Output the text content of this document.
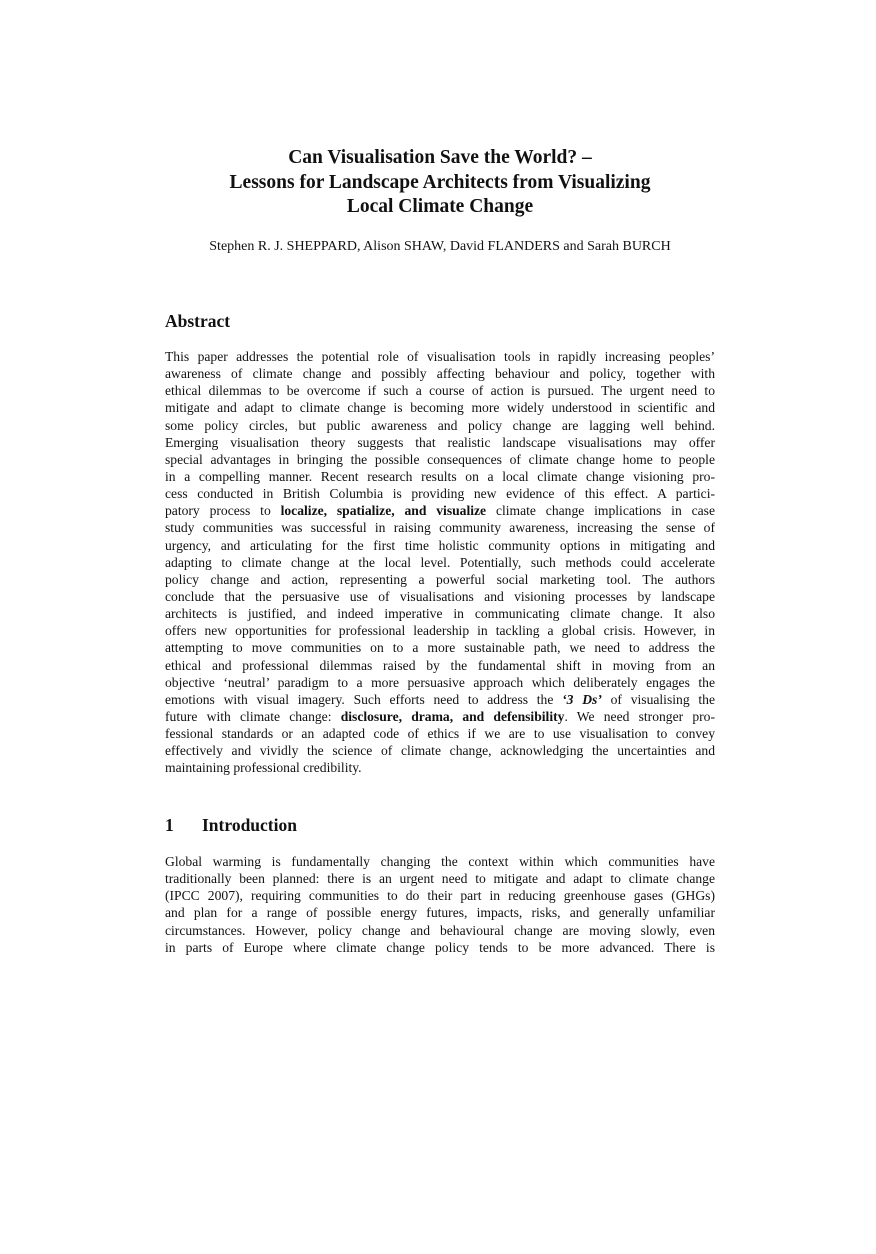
Can Visualisation Save the World? –
Lessons for Landscape Architects from Visualizing
Local Climate Change
Stephen R. J. SHEPPARD, Alison SHAW, David FLANDERS and Sarah BURCH
Abstract
This paper addresses the potential role of visualisation tools in rapidly increasing peoples’
awareness of climate change and possibly affecting behaviour and policy, together with
ethical dilemmas to be overcome if such a course of action is pursued. The urgent need to
mitigate and adapt to climate change is becoming more widely understood in scientific and
some policy circles, but public awareness and policy change are lagging well behind.
Emerging visualisation theory suggests that realistic landscape visualisations may offer
special advantages in bringing the possible consequences of climate change home to people
in a compelling manner. Recent research results on a local climate change visioning pro-
cess conducted in British Columbia is providing new evidence of this effect. A partici-
patory process to localize, spatialize, and visualize climate change implications in case
study communities was successful in raising community awareness, increasing the sense of
urgency, and articulating for the first time holistic community options in mitigating and
adapting to climate change at the local level. Potentially, such methods could accelerate
policy change and action, representing a powerful social marketing tool. The authors
conclude that the persuasive use of visualisations and visioning processes by landscape
architects is justified, and indeed imperative in communicating climate change. It also
offers new opportunities for professional leadership in tackling a global crisis. However, in
attempting to move communities on to a more sustainable path, we need to address the
ethical and professional dilemmas raised by the fundamental shift in moving from an
objective ‘neutral’ paradigm to a more persuasive approach which deliberately engages the
emotions with visual imagery. Such efforts need to address the ‘3 Ds’ of visualising the
future with climate change: disclosure, drama, and defensibility. We need stronger pro-
fessional standards or an adapted code of ethics if we are to use visualisation to convey
effectively and vividly the science of climate change, acknowledging the uncertainties and
maintaining professional credibility.
1 Introduction
Global warming is fundamentally changing the context within which communities have
traditionally been planned: there is an urgent need to mitigate and adapt to climate change
(IPCC 2007), requiring communities to do their part in reducing greenhouse gases (GHGs)
and plan for a range of possible energy futures, impacts, risks, and generally unfamiliar
circumstances. However, policy change and behavioural change are moving slowly, even
in parts of Europe where climate change policy tends to be more advanced. There is
